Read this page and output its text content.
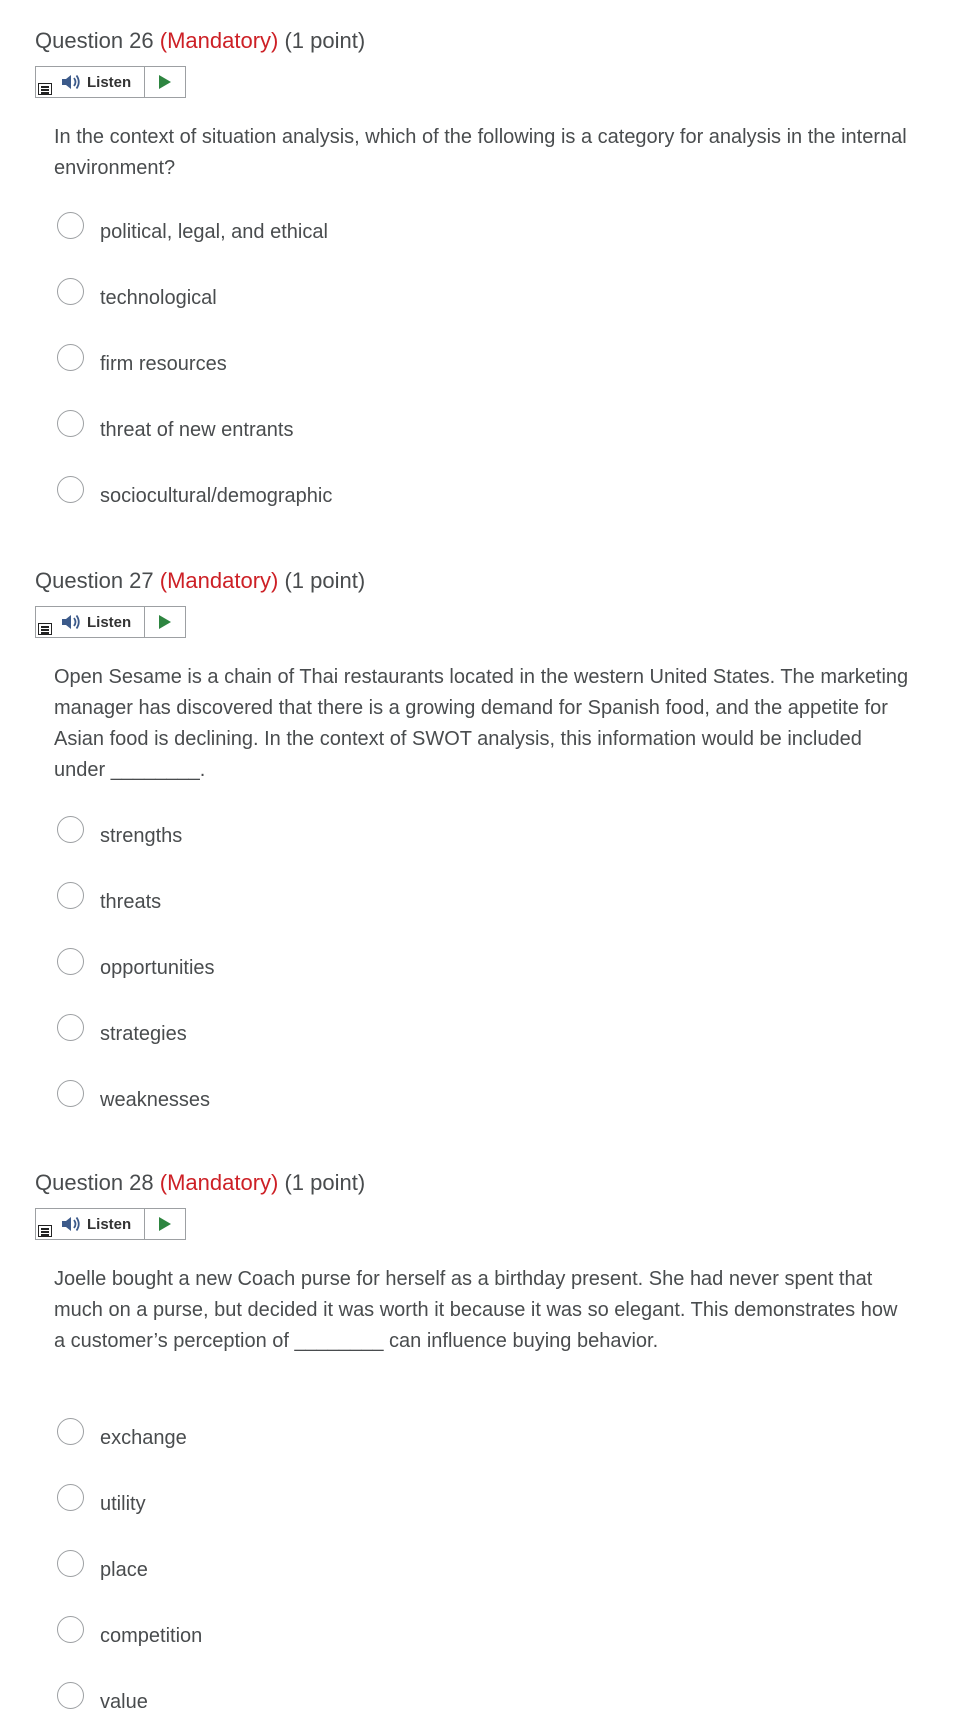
Question 26 (Mandatory) (1 point)
Listen

In the context of situation analysis, which of the following is a category for analysis in the internal environment?

political, legal, and ethical
technological
firm resources
threat of new entrants
sociocultural/demographic
Question 27 (Mandatory) (1 point)
Listen

Open Sesame is a chain of Thai restaurants located in the western United States. The marketing manager has discovered that there is a growing demand for Spanish food, and the appetite for Asian food is declining. In the context of SWOT analysis, this information would be included under ________.

strengths
threats
opportunities
strategies
weaknesses
Question 28 (Mandatory) (1 point)
Listen

Joelle bought a new Coach purse for herself as a birthday present. She had never spent that much on a purse, but decided it was worth it because it was so elegant. This demonstrates how a customer’s perception of ________ can influence buying behavior.

exchange
utility
place
competition
value
